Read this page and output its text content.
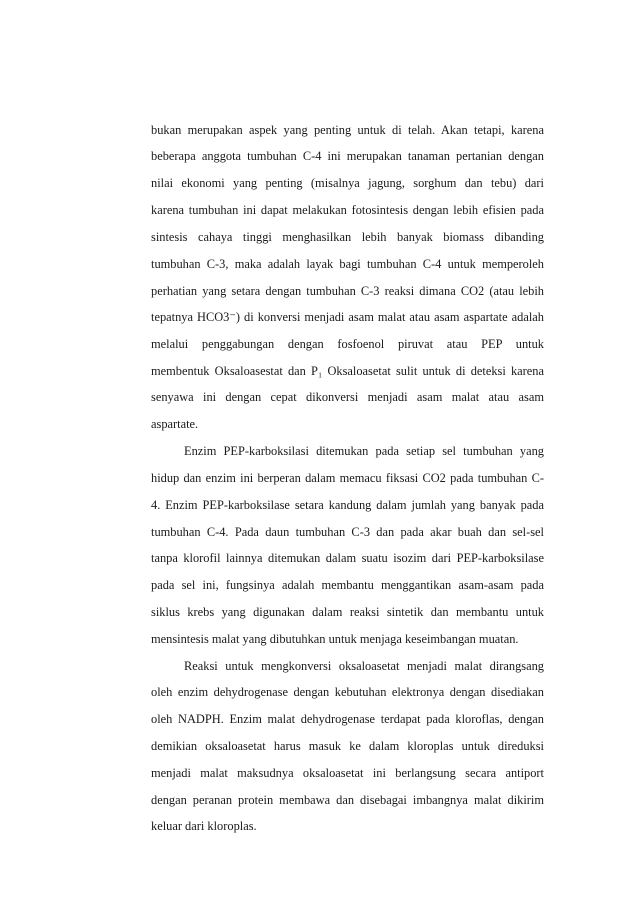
bukan merupakan aspek yang penting untuk di telah. Akan tetapi, karena
beberapa anggota tumbuhan C-4 ini merupakan tanaman pertanian dengan
nilai ekonomi yang penting (misalnya jagung, sorghum dan tebu) dari
karena tumbuhan ini dapat melakukan fotosintesis dengan lebih efisien pada
sintesis cahaya tinggi menghasilkan lebih banyak biomass dibanding
tumbuhan C-3, maka adalah layak bagi tumbuhan C-4 untuk memperoleh
perhatian yang setara dengan tumbuhan C-3 reaksi dimana CO2 (atau lebih
tepatnya HCO3⁻) di konversi menjadi asam malat atau asam aspartate adalah
melalui penggabungan dengan fosfoenol piruvat atau PEP untuk
membentuk Oksaloasestat dan P₁ Oksaloasetat sulit untuk di deteksi karena
senyawa ini dengan cepat dikonversi menjadi asam malat atau asam
aspartate.
Enzim PEP-karboksilasi ditemukan pada setiap sel tumbuhan yang
hidup dan enzim ini berperan dalam memacu fiksasi CO2 pada tumbuhan C-
4. Enzim PEP-karboksilase setara kandung dalam jumlah yang banyak pada
tumbuhan C-4. Pada daun tumbuhan C-3 dan pada akar buah dan sel-sel
tanpa klorofil lainnya ditemukan dalam suatu isozim dari PEP-karboksilase
pada sel ini, fungsinya adalah membantu menggantikan asam-asam pada
siklus krebs yang digunakan dalam reaksi sintetik dan membantu untuk
mensintesis malat yang dibutuhkan untuk menjaga keseimbangan muatan.
Reaksi untuk mengkonversi oksaloasetat menjadi malat dirangsang
oleh enzim dehydrogenase dengan kebutuhan elektronya dengan disediakan
oleh NADPH. Enzim malat dehydrogenase terdapat pada kloroflas, dengan
demikian oksaloasetat harus masuk ke dalam kloroplas untuk direduksi
menjadi malat maksudnya oksaloasetat ini berlangsung secara antiport
dengan peranan protein membawa dan disebagai imbangnya malat dikirim
keluar dari kloroplas.
